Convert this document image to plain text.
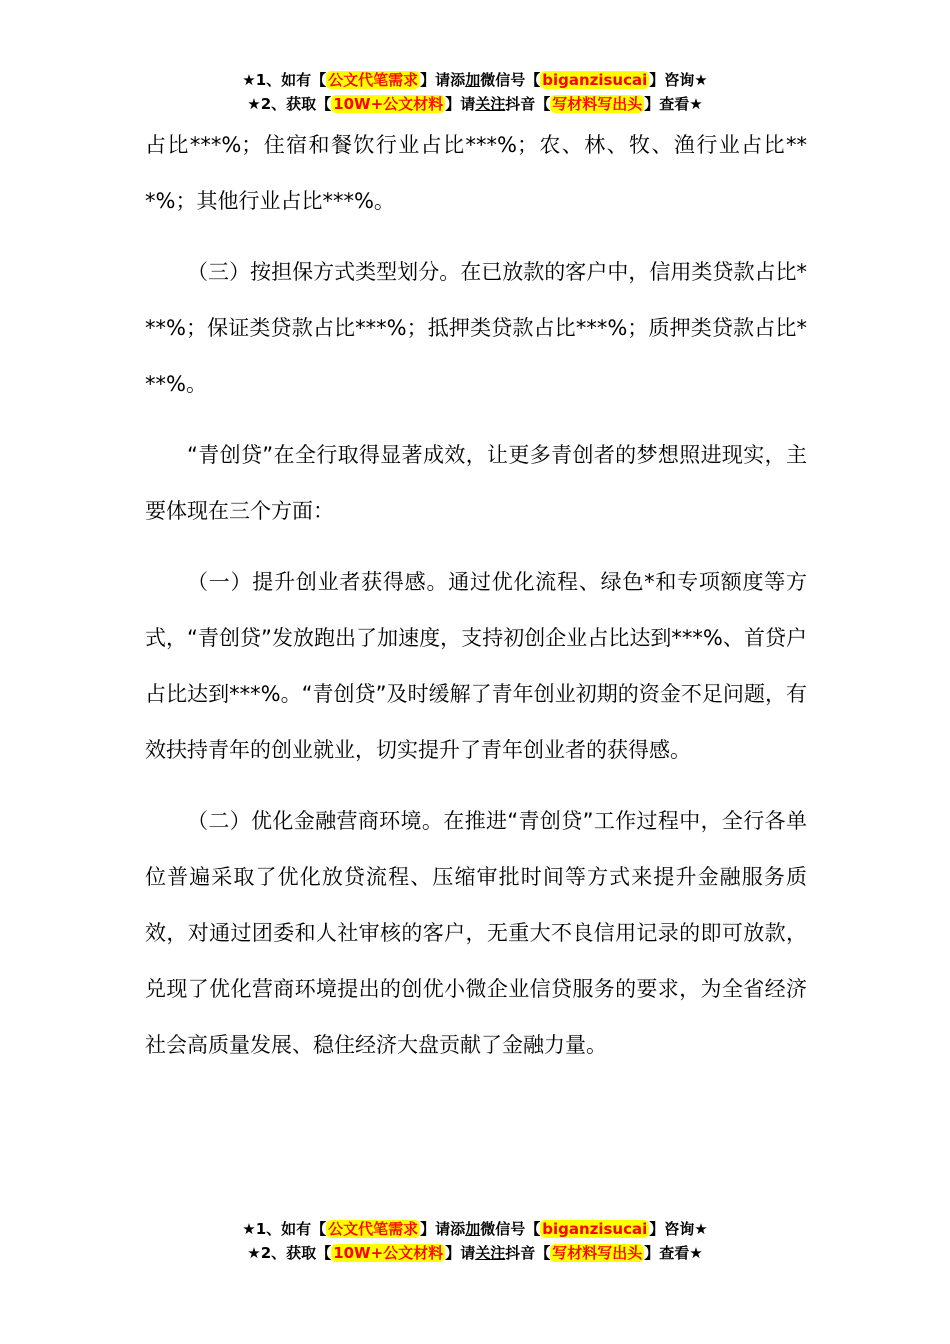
★1、如有【 公文代笔需求 】请添加微信号【 biganzisucai 】咨询★
★2、获取【 10W+公文材料 】请关注抖音【 写材料写出头 】查看★

占比***%；住宿和餐饮行业占比***%；农、林、牧、渔行业占比***%；其他行业占比***%。

（三）按担保方式类型划分。在已放款的客户中，信用类贷款占比***%；保证类贷款占比***%；抵押类贷款占比***%；质押类贷款占比***%。

“青创贷”在全行取得显著成效，让更多青创者的梦想照进现实，主要体现在三个方面：

（一）提升创业者获得感。通过优化流程、绿色*和专项额度等方式，“青创贷”发放跑出了加速度，支持初创企业占比达到***%、首贷户占比达到***%。“青创贷”及时缓解了青年创业初期的资金不足问题，有效扶持青年的创业就业，切实提升了青年创业者的获得感。

（二）优化金融营商环境。在推进“青创贷”工作过程中，全行各单位普遍采取了优化放贷流程、压缩审批时间等方式来提升金融服务质效，对通过团委和人社审核的客户，无重大不良信用记录的即可放款，兑现了优化营商环境提出的创优小微企业信贷服务的要求，为全省经济社会高质量发展、稳住经济大盘贡献了金融力量。

★1、如有【 公文代笔需求 】请添加微信号【 biganzisucai 】咨询★
★2、获取【 10W+公文材料 】请关注抖音【 写材料写出头 】查看★
